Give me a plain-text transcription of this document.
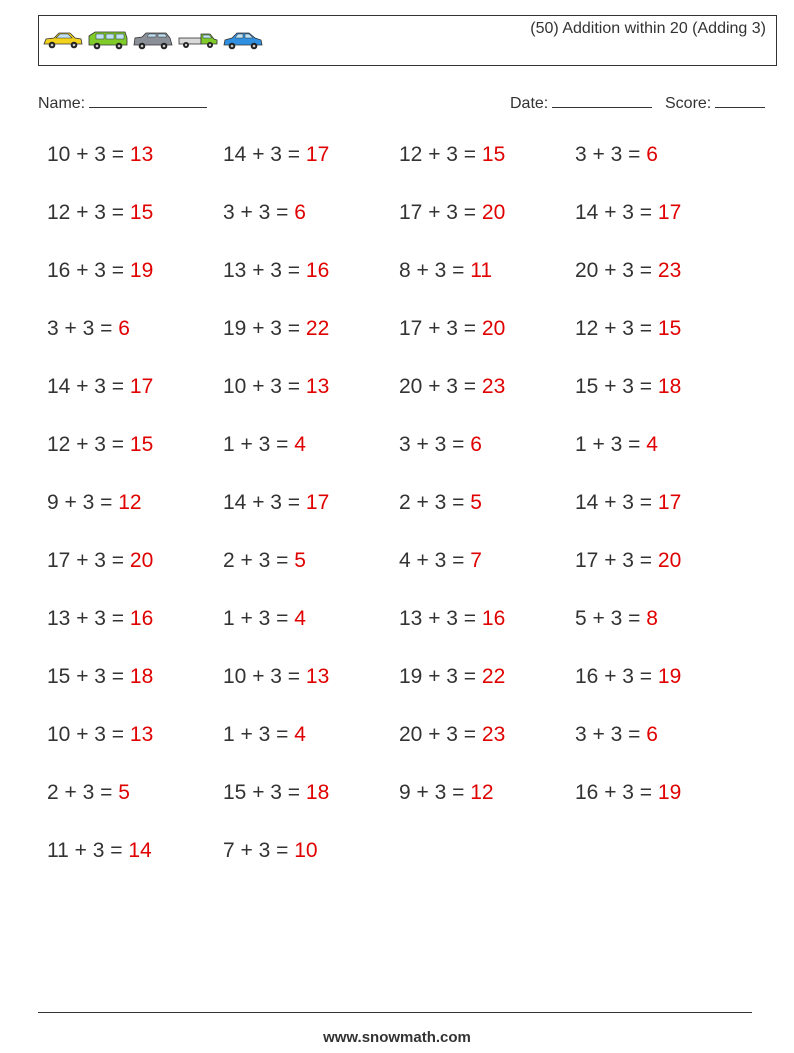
(50) Addition within 20 (Adding 3)
Name:	Date:	Score:
10 + 3 = 13	14 + 3 = 17	12 + 3 = 15	3 + 3 = 6
12 + 3 = 15	3 + 3 = 6	17 + 3 = 20	14 + 3 = 17
16 + 3 = 19	13 + 3 = 16	8 + 3 = 11	20 + 3 = 23
3 + 3 = 6	19 + 3 = 22	17 + 3 = 20	12 + 3 = 15
14 + 3 = 17	10 + 3 = 13	20 + 3 = 23	15 + 3 = 18
12 + 3 = 15	1 + 3 = 4	3 + 3 = 6	1 + 3 = 4
9 + 3 = 12	14 + 3 = 17	2 + 3 = 5	14 + 3 = 17
17 + 3 = 20	2 + 3 = 5	4 + 3 = 7	17 + 3 = 20
13 + 3 = 16	1 + 3 = 4	13 + 3 = 16	5 + 3 = 8
15 + 3 = 18	10 + 3 = 13	19 + 3 = 22	16 + 3 = 19
10 + 3 = 13	1 + 3 = 4	20 + 3 = 23	3 + 3 = 6
2 + 3 = 5	15 + 3 = 18	9 + 3 = 12	16 + 3 = 19
11 + 3 = 14	7 + 3 = 10
www.snowmath.com
